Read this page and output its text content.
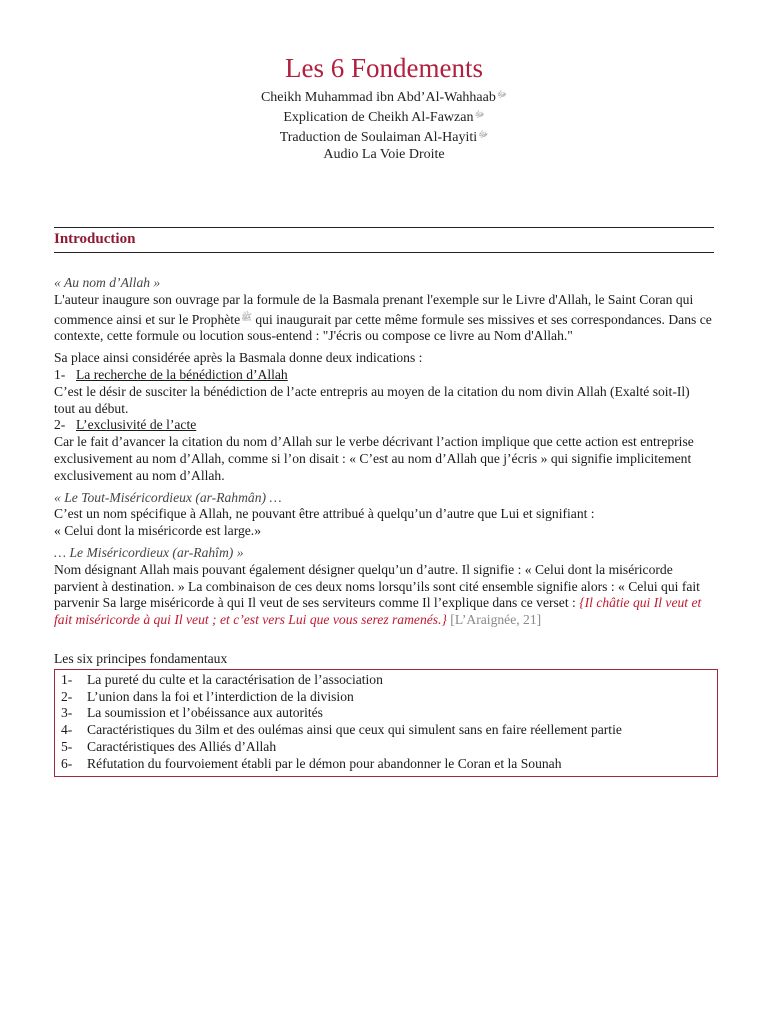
Les 6 Fondements
Cheikh Muhammad ibn Abd’Al-Wahhaab$^ﷻ$
Explication de Cheikh Al-Fawzan$^ﷻ$
Traduction de Soulaiman Al-Hayiti$^ﷻ$
Audio La Voie Droite
Introduction

« Au nom d’Allah »

L'auteur inaugure son ouvrage par la formule de la Basmala prenant l'exemple sur le Livre d'Allah, le Saint Coran qui commence ainsi et sur le Prophète$^ﷺ$ qui inaugurait par cette même formule ses missives et ses correspondances. Dans ce contexte, cette formule ou locution sous-entend : "J'écris ou compose ce livre au Nom d'Allah."

Sa place ainsi considérée après la Basmala donne deux indications :

1- La recherche de la bénédiction d’Allah

C’est le désir de susciter la bénédiction de l’acte entrepris au moyen de la citation du nom divin Allah (Exalté soit-Il) tout au début.

2- L’exclusivité de l’acte

Car le fait d’avancer la citation du nom d’Allah sur le verbe décrivant l’action implique que cette action est entreprise exclusivement au nom d’Allah, comme si l’on disait : « C’est au nom d’Allah que j’écris » qui signifie implicitement exclusivement au nom d’Allah.

« Le Tout-Miséricordieux (ar-Rahmân) …

C’est un nom spécifique à Allah, ne pouvant être attribué à quelqu’un d’autre que Lui et signifiant :

« Celui dont la miséricorde est large.»

… Le Miséricordieux (ar-Rahîm) »

Nom désignant Allah mais pouvant également désigner quelqu’un d’autre. Il signifie : « Celui dont la miséricorde parvient à destination. » La combinaison de ces deux noms lorsqu’ils sont cité ensemble signifie alors : « Celui qui fait parvenir Sa large miséricorde à qui Il veut de ses serviteurs comme Il l’explique dans ce verset : {Il châtie qui Il veut et fait miséricorde à qui Il veut ; et c’est vers Lui que vous serez ramenés.} [L’Araignée, 21]

Les six principes fondamentaux

1- La pureté du culte et la caractérisation de l’association
2- L’union dans la foi et l’interdiction de la division
3- La soumission et l’obéissance aux autorités
4- Caractéristiques du 3ilm et des oulémas ainsi que ceux qui simulent sans en faire réellement partie
5- Caractéristiques des Alliés d’Allah
6- Réfutation du fourvoiement établi par le démon pour abandonner le Coran et la Sounah
